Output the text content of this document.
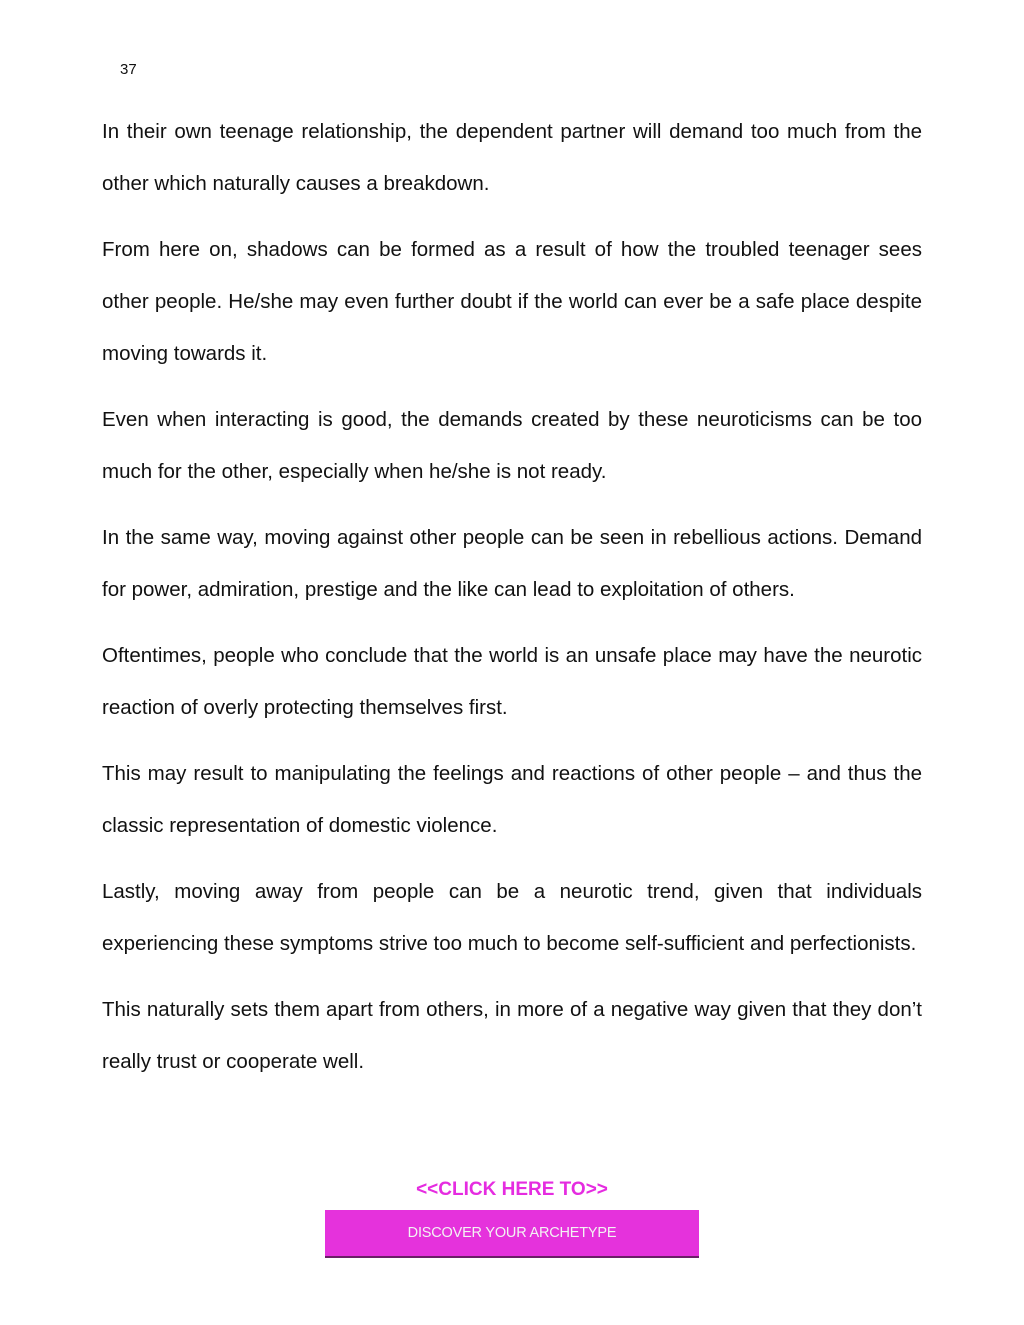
37

In their own teenage relationship, the dependent partner will demand too much from the other which naturally causes a breakdown.

From here on, shadows can be formed as a result of how the troubled teenager sees other people. He/she may even further doubt if the world can ever be a safe place despite moving towards it.

Even when interacting is good, the demands created by these neuroticisms can be too much for the other, especially when he/she is not ready.

In the same way, moving against other people can be seen in rebellious actions. Demand for power, admiration, prestige and the like can lead to exploitation of others.

Oftentimes, people who conclude that the world is an unsafe place may have the neurotic reaction of overly protecting themselves first.

This may result to manipulating the feelings and reactions of other people – and thus the classic representation of domestic violence.

Lastly, moving away from people can be a neurotic trend, given that individuals experiencing these symptoms strive too much to become self-sufficient and perfectionists.

This naturally sets them apart from others, in more of a negative way given that they don’t really trust or cooperate well.

<<CLICK HERE TO>>
DISCOVER YOUR ARCHETYPE
